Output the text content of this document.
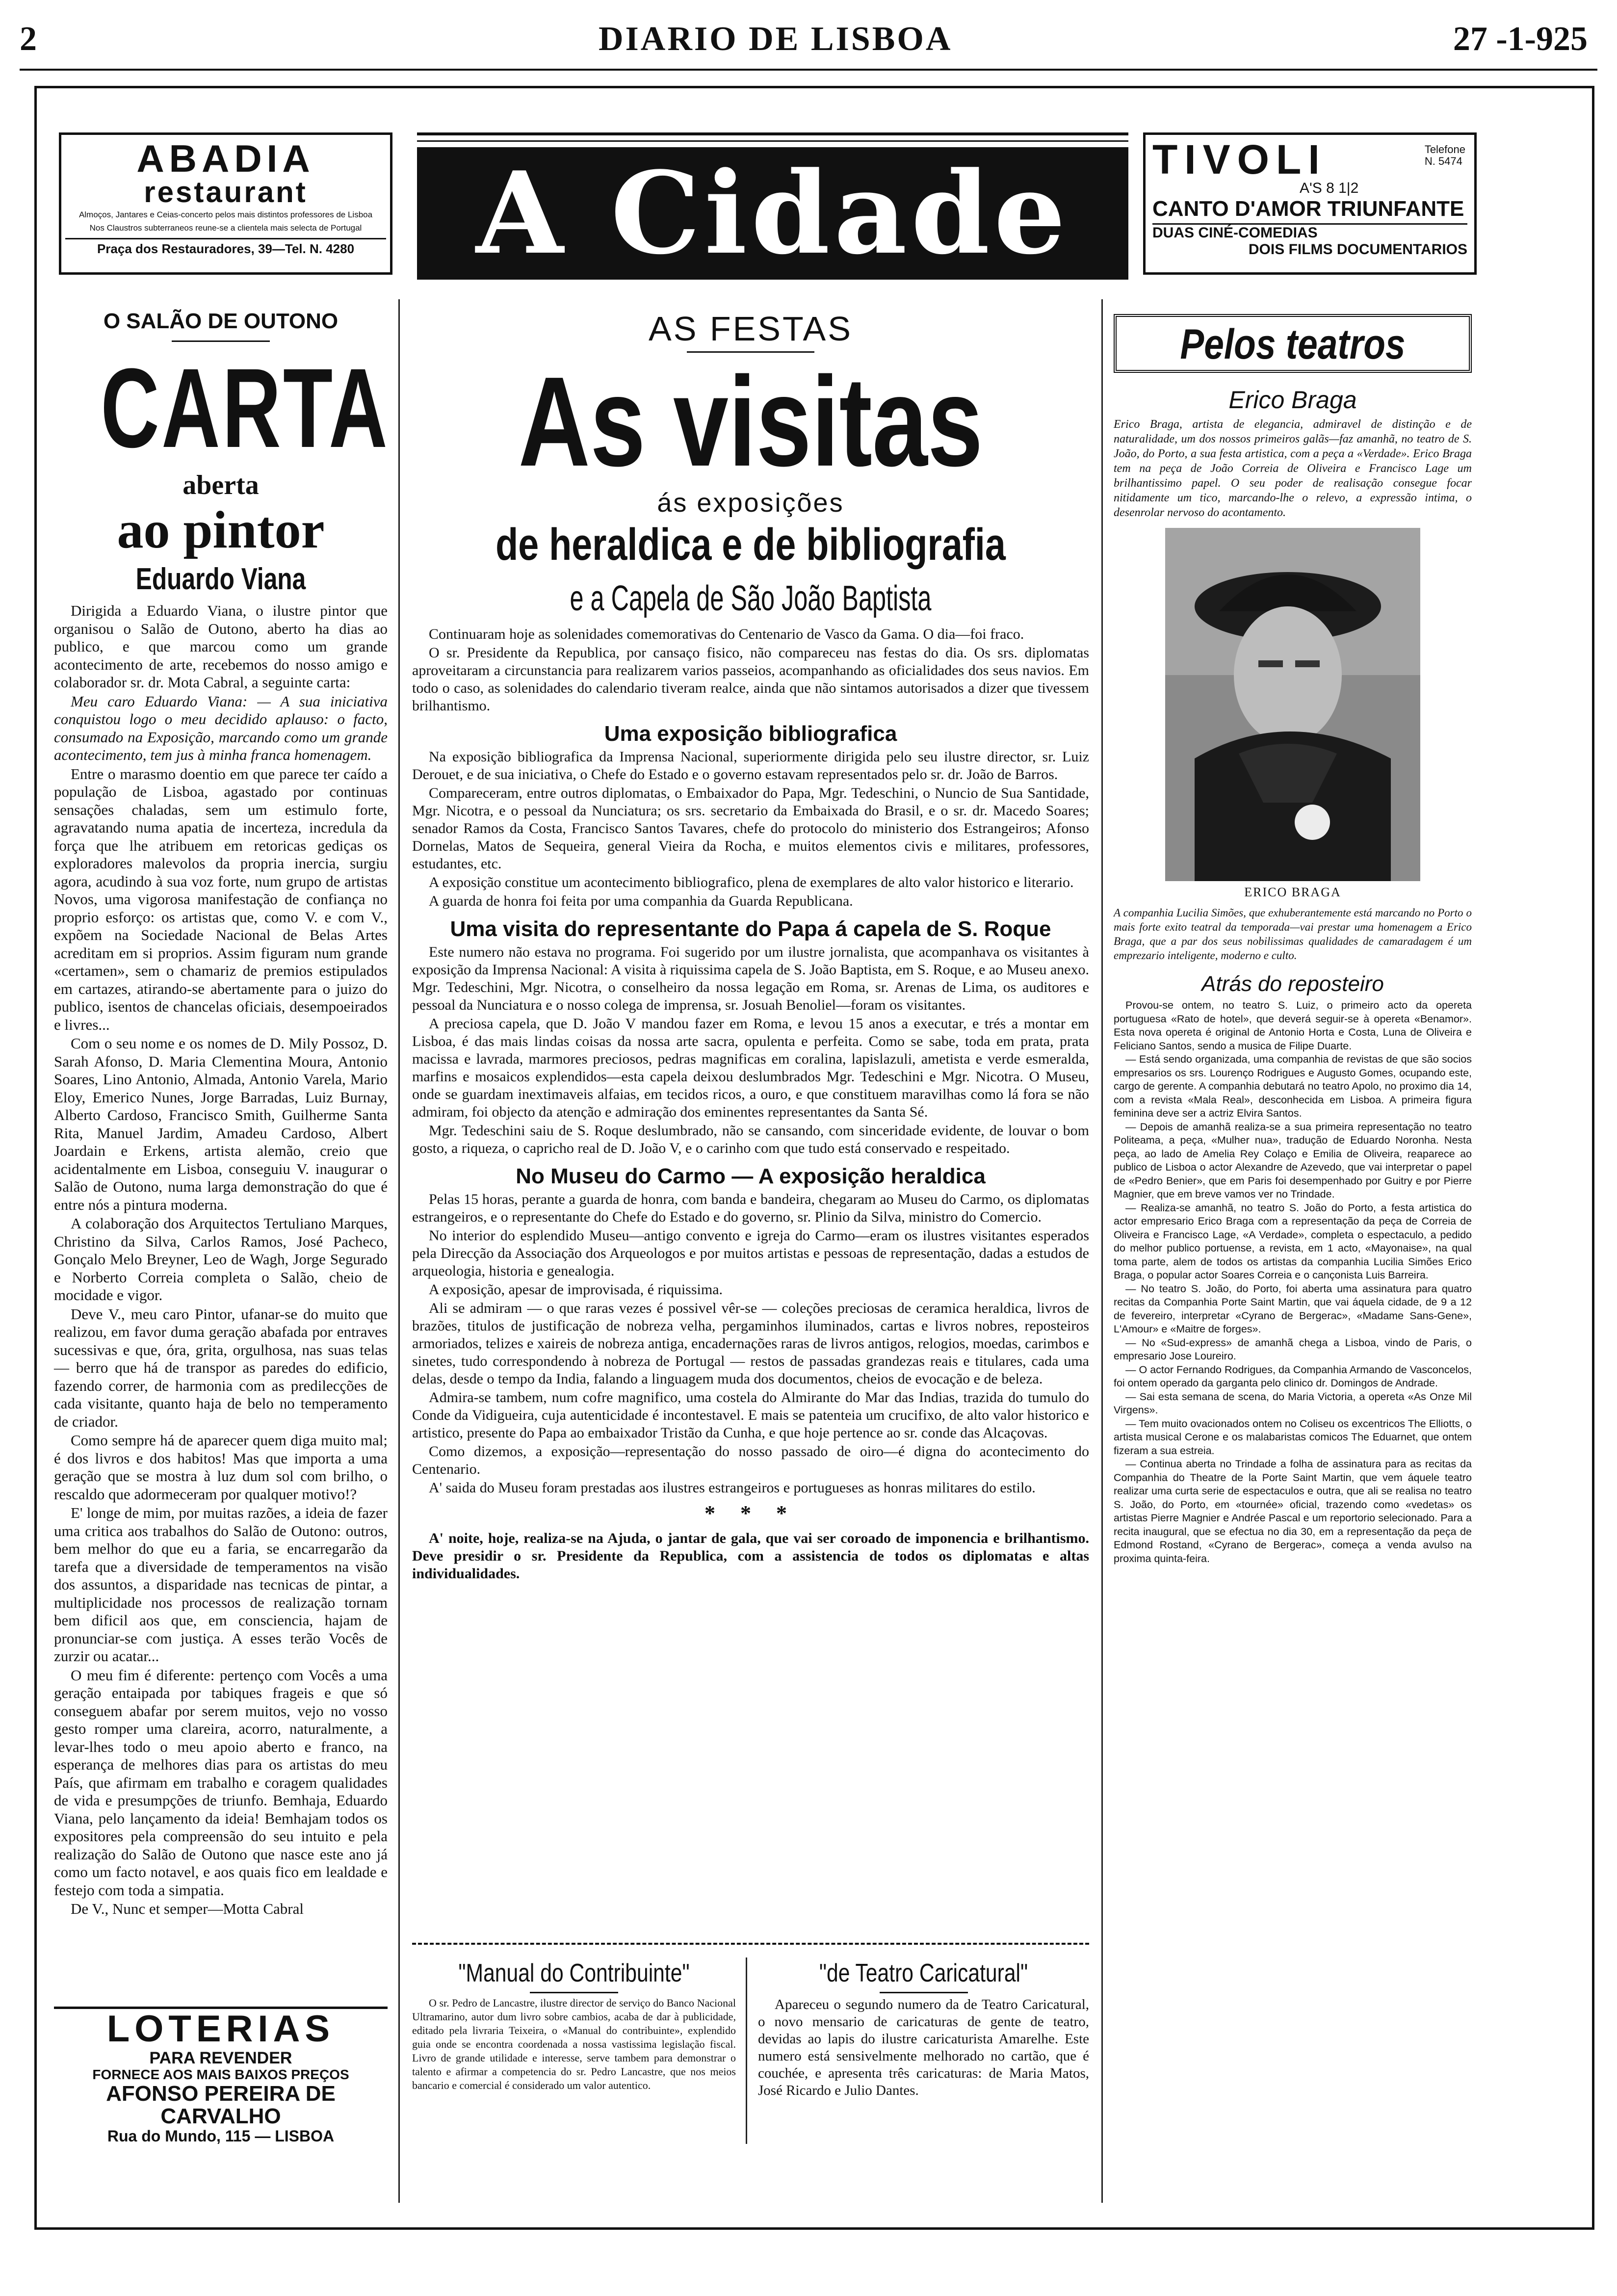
2	DIARIO DE LISBOA	27 -1-925
ABADIA
restaurant
Almoços, Jantares e Ceias-concerto pelos mais distintos professores de Lisboa
Nos Claustros subterraneos reune-se a clientela mais selecta de Portugal
Praça dos Restauradores, 39—Tel. N. 4280	A Cidade	TIVOLI	Telefone
N. 5474
A'S 8 1|2
CANTO D'AMOR TRIUNFANTE
DUAS CINÉ-COMEDIAS
DOIS FILMS DOCUMENTARIOS
O SALÃO DE OUTONO
CARTA
aberta
ao pintor
Eduardo Viana

Dirigida a Eduardo Viana, o ilustre pintor que organisou o Salão de Outono, aberto ha dias ao publico, e que marcou como um grande acontecimento de arte, recebemos do nosso amigo e colaborador sr. dr. Mota Cabral, a seguinte carta:

Meu caro Eduardo Viana: — A sua iniciativa conquistou logo o meu decidido aplauso: o facto, consumado na Exposição, marcando como um grande acontecimento, tem jus à minha franca homenagem.

Entre o marasmo doentio em que parece ter caído a população de Lisboa, agastado por continuas sensações chaladas, sem um estimulo forte, agravatando numa apatia de incerteza, incredula da força que lhe atribuem em retoricas gediças os exploradores malevolos da propria inercia, surgiu agora, acudindo à sua voz forte, num grupo de artistas Novos, uma vigorosa manifestação de confiança no proprio esforço: os artistas que, como V. e com V., expõem na Sociedade Nacional de Belas Artes acreditam em si proprios. Assim figuram num grande «certamen», sem o chamariz de premios estipulados em cartazes, atirando-se abertamente para o juizo do publico, isentos de chancelas oficiais, desempoeirados e livres...

Com o seu nome e os nomes de D. Mily Possoz, D. Sarah Afonso, D. Maria Clementina Moura, Antonio Soares, Lino Antonio, Almada, Antonio Varela, Mario Eloy, Emerico Nunes, Jorge Barradas, Luiz Burnay, Alberto Cardoso, Francisco Smith, Guilherme Santa Rita, Manuel Jardim, Amadeu Cardoso, Albert Joardain e Erkens, artista alemão, creio que acidentalmente em Lisboa, conseguiu V. inaugurar o Salão de Outono, numa larga demonstração do que é entre nós a pintura moderna.

A colaboração dos Arquitectos Tertuliano Marques, Christino da Silva, Carlos Ramos, José Pacheco, Gonçalo Melo Breyner, Leo de Wagh, Jorge Segurado e Norberto Correia completa o Salão, cheio de mocidade e vigor.

Deve V., meu caro Pintor, ufanar-se do muito que realizou, em favor duma geração abafada por entraves sucessivas e que, óra, grita, orgulhosa, nas suas telas — berro que há de transpor as paredes do edificio, fazendo correr, de harmonia com as predilecções de cada visitante, quanto haja de belo no temperamento de criador.

Como sempre há de aparecer quem diga muito mal; é dos livros e dos habitos! Mas que importa a uma geração que se mostra à luz dum sol com brilho, o rescaldo que adormeceram por qualquer motivo!?

E' longe de mim, por muitas razões, a ideia de fazer uma critica aos trabalhos do Salão de Outono: outros, bem melhor do que eu a faria, se encarregarão da tarefa que a diversidade de temperamentos na visão dos assuntos, a disparidade nas tecnicas de pintar, a multiplicidade nos processos de realização tornam bem dificil aos que, em consciencia, hajam de pronunciar-se com justiça. A esses terão Vocês de zurzir ou acatar...

O meu fim é diferente: pertenço com Vocês a uma geração entaipada por tabiques frageis e que só conseguem abafar por serem muitos, vejo no vosso gesto romper uma clareira, acorro, naturalmente, a levar-lhes todo o meu apoio aberto e franco, na esperança de melhores dias para os artistas do meu País, que afirmam em trabalho e coragem qualidades de vida e presumpções de triunfo. Bemhaja, Eduardo Viana, pelo lançamento da ideia! Bemhajam todos os expositores pela compreensão do seu intuito e pela realização do Salão de Outono que nasce este ano já como um facto notavel, e aos quais fico em lealdade e festejo com toda a simpatia.

De V., Nunc et semper—Motta Cabral

LOTERIAS
PARA REVENDER
FORNECE AOS MAIS BAIXOS PREÇOS
AFONSO PEREIRA DE CARVALHO
Rua do Mundo, 115 — LISBOA
AS FESTAS
As visitas
ás exposições
de heraldica e de bibliografia
e a Capela de São João Baptista

Continuaram hoje as solenidades comemorativas do Centenario de Vasco da Gama. O dia—foi fraco.

O sr. Presidente da Republica, por cansaço fisico, não compareceu nas festas do dia. Os srs. diplomatas aproveitaram a circunstancia para realizarem varios passeios, acompanhando as oficialidades dos seus navios. Em todo o caso, as solenidades do calendario tiveram realce, ainda que não sintamos autorisados a dizer que tivessem brilhantismo.

Uma exposição bibliografica

Na exposição bibliografica da Imprensa Nacional, superiormente dirigida pelo seu ilustre director, sr. Luiz Derouet, e de sua iniciativa, o Chefe do Estado e o governo estavam representados pelo sr. dr. João de Barros.

Compareceram, entre outros diplomatas, o Embaixador do Papa, Mgr. Tedeschini, o Nuncio de Sua Santidade, Mgr. Nicotra, e o pessoal da Nunciatura; os srs. secretario da Embaixada do Brasil, e o sr. dr. Macedo Soares; senador Ramos da Costa, Francisco Santos Tavares, chefe do protocolo do ministerio dos Estrangeiros; Afonso Dornelas, Matos de Sequeira, general Vieira da Rocha, e muitos elementos civis e militares, professores, estudantes, etc.

A exposição constitue um acontecimento bibliografico, plena de exemplares de alto valor historico e literario.

A guarda de honra foi feita por uma companhia da Guarda Republicana.

Uma visita do representante do Papa á capela de S. Roque

Este numero não estava no programa. Foi sugerido por um ilustre jornalista, que acompanhava os visitantes à exposição da Imprensa Nacional: A visita à riquissima capela de S. João Baptista, em S. Roque, e ao Museu anexo. Mgr. Tedeschini, Mgr. Nicotra, o conselheiro da nossa legação em Roma, sr. Arenas de Lima, os auditores e pessoal da Nunciatura e o nosso colega de imprensa, sr. Josuah Benoliel—foram os visitantes.

A preciosa capela, que D. João V mandou fazer em Roma, e levou 15 anos a executar, e trés a montar em Lisboa, é das mais lindas coisas da nossa arte sacra, opulenta e perfeita. Como se sabe, toda em prata, prata macissa e lavrada, marmores preciosos, pedras magnificas em coralina, lapislazuli, ametista e verde esmeralda, marfins e mosaicos explendidos—esta capela deixou deslumbrados Mgr. Tedeschini e Mgr. Nicotra. O Museu, onde se guardam inextimaveis alfaias, em tecidos ricos, a ouro, e que constituem maravilhas como lá fora se não admiram, foi objecto da atenção e admiração dos eminentes representantes da Santa Sé.

Mgr. Tedeschini saiu de S. Roque deslumbrado, não se cansando, com sinceridade evidente, de louvar o bom gosto, a riqueza, o capricho real de D. João V, e o carinho com que tudo está conservado e respeitado.

No Museu do Carmo — A exposição heraldica

Pelas 15 horas, perante a guarda de honra, com banda e bandeira, chegaram ao Museu do Carmo, os diplomatas estrangeiros, e o representante do Chefe do Estado e do governo, sr. Plinio da Silva, ministro do Comercio.

No interior do esplendido Museu—antigo convento e igreja do Carmo—eram os ilustres visitantes esperados pela Direcção da Associação dos Arqueologos e por muitos artistas e pessoas de representação, dadas a estudos de arqueologia, historia e genealogia.

A exposição, apesar de improvisada, é riquissima.

Ali se admiram — o que raras vezes é possivel vêr-se — coleções preciosas de ceramica heraldica, livros de brazões, titulos de justificação de nobreza velha, pergaminhos iluminados, cartas e livros nobres, reposteiros armoriados, telizes e xaireis de nobreza antiga, encadernações raras de livros antigos, relogios, moedas, carimbos e sinetes, tudo correspondendo à nobreza de Portugal — restos de passadas grandezas reais e titulares, cada uma delas, desde o tempo da India, falando a linguagem muda dos documentos, cheios de evocação e de beleza.

Admira-se tambem, num cofre magnifico, uma costela do Almirante do Mar das Indias, trazida do tumulo do Conde da Vidigueira, cuja autenticidade é incontestavel. E mais se patenteia um crucifixo, de alto valor historico e artistico, presente do Papa ao embaixador Tristão da Cunha, e que hoje pertence ao sr. conde das Alcaçovas.

Como dizemos, a exposição—representação do nosso passado de oiro—é digna do acontecimento do Centenario.

A' saida do Museu foram prestadas aos ilustres estrangeiros e portugueses as honras militares do estilo.

* * *

A' noite, hoje, realiza-se na Ajuda, o jantar de gala, que vai ser coroado de imponencia e brilhantismo. Deve presidir o sr. Presidente da Republica, com a assistencia de todos os diplomatas e altas individualidades.

"Manual do Contribuinte"

O sr. Pedro de Lancastre, ilustre director de serviço do Banco Nacional Ultramarino, autor dum livro sobre cambios, acaba de dar à publicidade, editado pela livraria Teixeira, o «Manual do contribuinte», explendido guia onde se encontra coordenada a nossa vastissima legislação fiscal. Livro de grande utilidade e interesse, serve tambem para demonstrar o talento e afirmar a competencia do sr. Pedro Lancastre, que nos meios bancario e comercial é considerado um valor autentico.

"de Teatro Caricatural"

Apareceu o segundo numero da de Teatro Caricatural, o novo mensario de caricaturas de gente de teatro, devidas ao lapis do ilustre caricaturista Amarelhe. Este numero está sensivelmente melhorado no cartão, que é couchée, e apresenta três caricaturas: de Maria Matos, José Ricardo e Julio Dantes.

Pelos teatros
Erico Braga
Erico Braga, artista de elegancia, admiravel de distinção e de naturalidade, um dos nossos primeiros galãs—faz amanhã, no teatro de S. João, do Porto, a sua festa artistica, com a peça a «Verdade». Erico Braga tem na peça de João Correia de Oliveira e Francisco Lage um brilhantissimo papel. O seu poder de realisação consegue focar nitidamente um tico, marcando-lhe o relevo, a expressão intima, o desenrolar nervoso do acontamento.
ERICO BRAGA
A companhia Lucilia Simões, que exhuberantemente está marcando no Porto o mais forte exito teatral da temporada—vai prestar uma homenagem a Erico Braga, que a par dos seus nobilissimas qualidades de camaradagem é um emprezario inteligente, moderno e culto.
Atrás do reposteiro

Provou-se ontem, no teatro S. Luiz, o primeiro acto da opereta portuguesa «Rato de hotel», que deverá seguir-se à opereta «Benamor». Esta nova opereta é original de Antonio Horta e Costa, Luna de Oliveira e Feliciano Santos, sendo a musica de Filipe Duarte.

— Está sendo organizada, uma companhia de revistas de que são socios empresarios os srs. Lourenço Rodrigues e Augusto Gomes, ocupando este, cargo de gerente. A companhia debutará no teatro Apolo, no proximo dia 14, com a revista «Mala Real», desconhecida em Lisboa. A primeira figura feminina deve ser a actriz Elvira Santos.

— Depois de amanhã realiza-se a sua primeira representação no teatro Politeama, a peça, «Mulher nua», tradução de Eduardo Noronha. Nesta peça, ao lado de Amelia Rey Colaço e Emilia de Oliveira, reaparece ao publico de Lisboa o actor Alexandre de Azevedo, que vai interpretar o papel de «Pedro Benier», que em Paris foi desempenhado por Guitry e por Pierre Magnier, que em breve vamos ver no Trindade.

— Realiza-se amanhã, no teatro S. João do Porto, a festa artistica do actor empresario Erico Braga com a representação da peça de Correia de Oliveira e Francisco Lage, «A Verdade», completa o espectaculo, a pedido do melhor publico portuense, a revista, em 1 acto, «Mayonaise», na qual toma parte, alem de todos os artistas da companhia Lucilia Simões Erico Braga, o popular actor Soares Correia e o cançonista Luis Barreira.

— No teatro S. João, do Porto, foi aberta uma assinatura para quatro recitas da Companhia Porte Saint Martin, que vai áquela cidade, de 9 a 12 de fevereiro, interpretar «Cyrano de Bergerac», «Madame Sans-Gene», L'Amour» e «Maitre de forges».

— No «Sud-express» de amanhã chega a Lisboa, vindo de Paris, o empresario Jose Loureiro.

— O actor Fernando Rodrigues, da Companhia Armando de Vasconcelos, foi ontem operado da garganta pelo clinico dr. Domingos de Andrade.

— Sai esta semana de scena, do Maria Victoria, a opereta «As Onze Mil Virgens».

— Tem muito ovacionados ontem no Coliseu os excentricos The Elliotts, o artista musical Cerone e os malabaristas comicos The Eduarnet, que ontem fizeram a sua estreia.

— Continua aberta no Trindade a folha de assinatura para as recitas da Companhia do Theatre de la Porte Saint Martin, que vem áquele teatro realizar uma curta serie de espectaculos e outra, que ali se realisa no teatro S. João, do Porto, em «tournée» oficial, trazendo como «vedetas» os artistas Pierre Magnier e Andrée Pascal e um reportorio selecionado. Para a recita inaugural, que se efectua no dia 30, em a representação da peça de Edmond Rostand, «Cyrano de Bergerac», começa a venda avulso na proxima quinta-feira.
